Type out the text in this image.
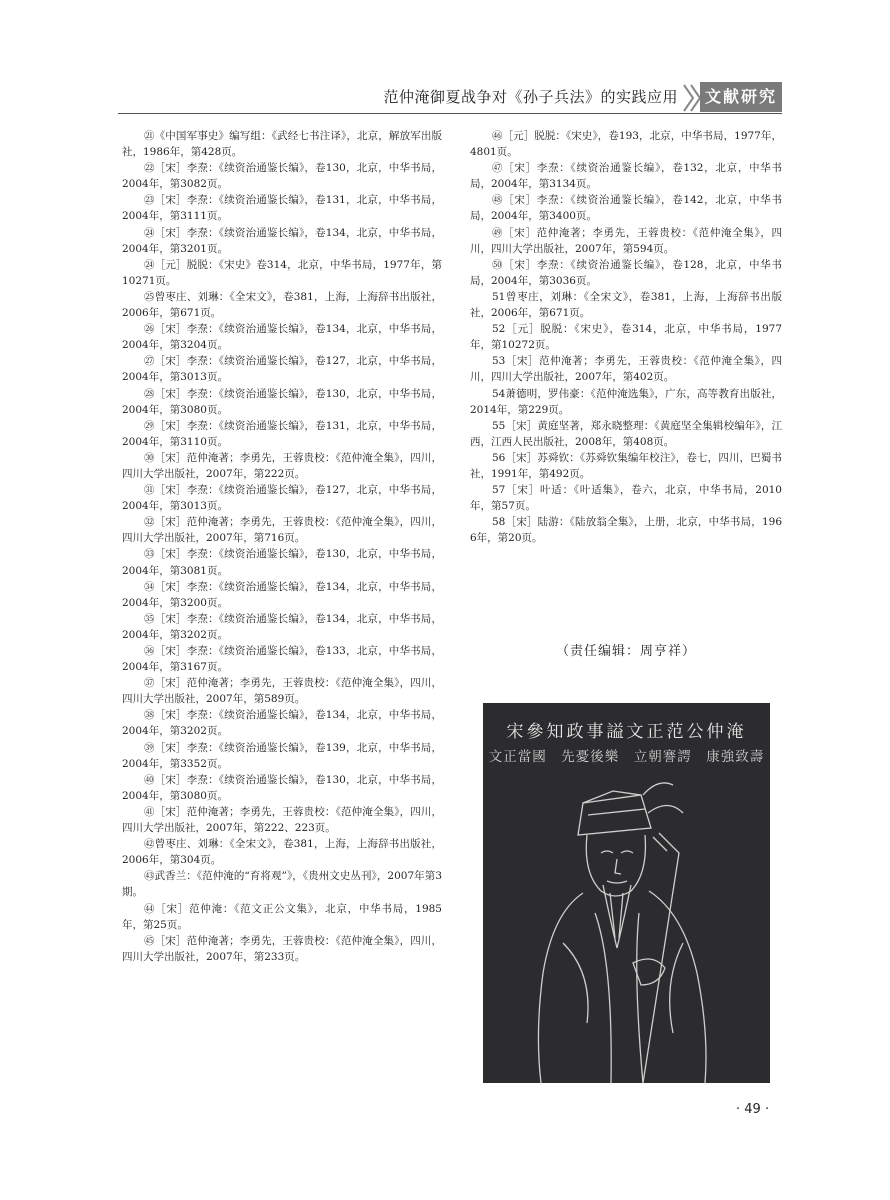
范仲淹御夏战争对《孙子兵法》的实践应用	文献研究

㉑《中国军事史》编写组：《武经七书注译》，北京，解放军出版社，1986年，第428页。

㉒［宋］李焘：《续资治通鉴长编》，卷130，北京，中华书局，2004年，第3082页。

㉓［宋］李焘：《续资治通鉴长编》，卷131，北京，中华书局，2004年，第3111页。

㉔［宋］李焘：《续资治通鉴长编》，卷134，北京，中华书局，2004年，第3201页。

㉔［元］脱脱：《宋史》卷314，北京，中华书局，1977年，第10271页。

㉕曾枣庄、刘琳：《全宋文》，卷381，上海，上海辞书出版社，2006年，第671页。

㉖［宋］李焘：《续资治通鉴长编》，卷134，北京，中华书局，2004年，第3204页。

㉗［宋］李焘：《续资治通鉴长编》，卷127，北京，中华书局，2004年，第3013页。

㉘［宋］李焘：《续资治通鉴长编》，卷130，北京，中华书局，2004年，第3080页。

㉙［宋］李焘：《续资治通鉴长编》，卷131，北京，中华书局，2004年，第3110页。

㉚［宋］范仲淹著；李勇先，王蓉贵校：《范仲淹全集》，四川，四川大学出版社，2007年，第222页。

㉛［宋］李焘：《续资治通鉴长编》，卷127，北京，中华书局，2004年，第3013页。

㉜［宋］范仲淹著；李勇先，王蓉贵校：《范仲淹全集》，四川，四川大学出版社，2007年，第716页。

㉝［宋］李焘：《续资治通鉴长编》，卷130，北京，中华书局，2004年，第3081页。

㉞［宋］李焘：《续资治通鉴长编》，卷134，北京，中华书局，2004年，第3200页。

㉟［宋］李焘：《续资治通鉴长编》，卷134，北京，中华书局，2004年，第3202页。

㊱［宋］李焘：《续资治通鉴长编》，卷133，北京，中华书局，2004年，第3167页。

㊲［宋］范仲淹著；李勇先，王蓉贵校：《范仲淹全集》，四川，四川大学出版社，2007年，第589页。

㊳［宋］李焘：《续资治通鉴长编》，卷134，北京，中华书局，2004年，第3202页。

㊴［宋］李焘：《续资治通鉴长编》，卷139，北京，中华书局，2004年，第3352页。

㊵［宋］李焘：《续资治通鉴长编》，卷130，北京，中华书局，2004年，第3080页。

㊶［宋］范仲淹著；李勇先，王蓉贵校：《范仲淹全集》，四川，四川大学出版社，2007年，第222、223页。

㊷曾枣庄、刘琳：《全宋文》，卷381，上海，上海辞书出版社，2006年，第304页。

㊸武香兰：《范仲淹的“育将观”》，《贵州文史丛刊》，2007年第3期。

㊹［宋］范仲淹：《范文正公文集》，北京，中华书局，1985年，第25页。

㊺［宋］范仲淹著；李勇先，王蓉贵校：《范仲淹全集》，四川，四川大学出版社，2007年，第233页。

㊻［元］脱脱：《宋史》，卷193，北京，中华书局，1977年，4801页。

㊼［宋］李焘：《续资治通鉴长编》，卷132，北京，中华书局，2004年，第3134页。

㊽［宋］李焘：《续资治通鉴长编》，卷142，北京，中华书局，2004年，第3400页。

㊾［宋］范仲淹著；李勇先，王蓉贵校：《范仲淹全集》，四川，四川大学出版社，2007年，第594页。

㊿［宋］李焘：《续资治通鉴长编》，卷128，北京，中华书局，2004年，第3036页。

51曾枣庄，刘琳：《全宋文》，卷381，上海，上海辞书出版社，2006年，第671页。

52［元］脱脱：《宋史》，卷314，北京，中华书局，1977年，第10272页。

53［宋］范仲淹著；李勇先，王蓉贵校：《范仲淹全集》，四川，四川大学出版社，2007年，第402页。

54萧德明，罗伟豪：《范仲淹选集》，广东，高等教育出版社，2014年，第229页。

55［宋］黄庭坚著，郑永晓整理：《黄庭坚全集辑校编年》，江西，江西人民出版社，2008年，第408页。

56［宋］苏舜钦：《苏舜钦集编年校注》，卷七，四川，巴蜀书社，1991年，第492页。

57［宋］叶适：《叶适集》，卷六，北京，中华书局，2010年，第57页。

58［宋］陆游：《陆放翁全集》，上册，北京，中华书局，1966年，第20页。

（责任编辑：周亨祥）
宋參知政事謚文正范公仲淹
文正當國　先憂後樂　立朝謇諤　康強致壽
· 49 ·
